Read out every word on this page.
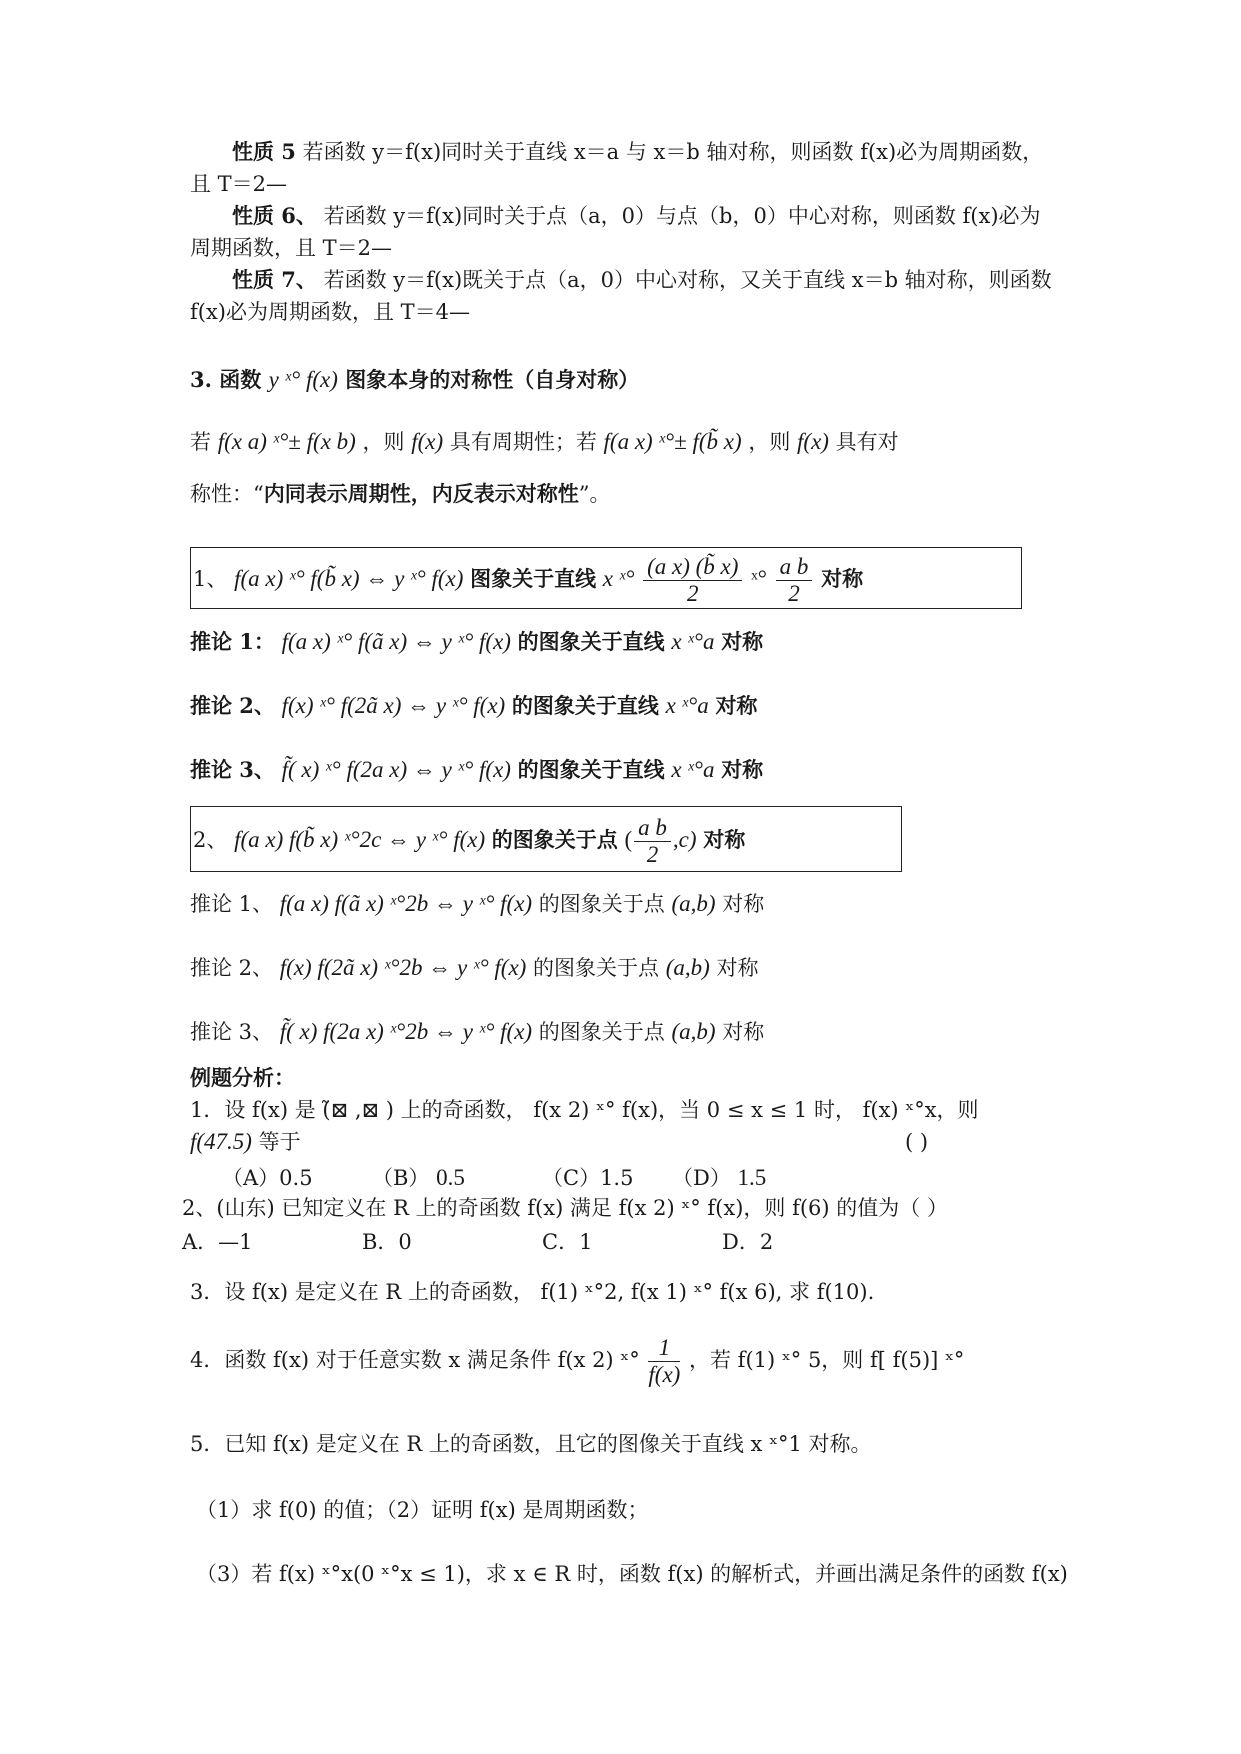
性质 5 若函数 y＝f(x)同时关于直线 x＝a 与 x＝b 轴对称，则函数 f(x)必为周期函数，
且 T＝2—
性质 6、 若函数 y＝f(x)同时关于点（a，0）与点（b，0）中心对称，则函数 f(x)必为
周期函数，且 T＝2—
性质 7、 若函数 y＝f(x)既关于点（a，0）中心对称，又关于直线 x＝b 轴对称，则函数
f(x)必为周期函数，且 T＝4—
3. 函数 y ˣ° f(x) 图象本身的对称性（自身对称）
若 f(x a) ˣ°± f(x b) ，则 f(x) 具有周期性；若 f(a x) ˣ°± f(b̃ x) ，则 f(x) 具有对
称性：“内同表示周期性，内反表示对称性”。
1、 f(a x) ˣ° f(b̃ x) ⇔ y ˣ° f(x) 图象关于直线 x ˣ° $\frac{\text{(a x) (b̃ x)}}{2}$ ˣ° $\frac{\text{a b}}{2}$ 对称
推论 1： f(a x) ˣ° f(ã x) ⇔ y ˣ° f(x) 的图象关于直线 x ˣ°a 对称
推论 2、 f(x) ˣ° f(2ã x) ⇔ y ˣ° f(x) 的图象关于直线 x ˣ°a 对称
推论 3、 f̃( x) ˣ° f(2a x) ⇔ y ˣ° f(x) 的图象关于直线 x ˣ°a 对称
2、 f(a x) f(b̃ x) ˣ°2c ⇔ y ˣ° f(x) 的图象关于点 ( $\frac{\text{a b}}{2} ,c$) 对称
推论 1、 f(a x) f(ã x) ˣ°2b ⇔ y ˣ° f(x) 的图象关于点 (a,b) 对称
推论 2、 f(x) f(2ã x) ˣ°2b ⇔ y ˣ° f(x) 的图象关于点 (a,b) 对称
推论 3、 f̃( x) f(2a x) ˣ°2b ⇔ y ˣ° f(x) 的图象关于点 (a,b) 对称
例题分析：
1．设 f(x) 是 (̃⊠ ,⊠ ) 上的奇函数， f(x 2) ˣ° f(x)，当 0 ≤ x ≤ 1 时， f(x) ˣ°x，则
f(47.5) 等于	( )
（A）0.5	（B） 0.5	（C）1.5 （D） 1.5
2、(山东) 已知定义在 R 上的奇函数 f(x) 满足 f(x 2) ˣ° f(x)，则 f(6) 的值为（ ）
A．—1	B．0	C．1	D．2
3．设 f(x) 是定义在 R 上的奇函数， f(1) ˣ°2, f(x 1) ˣ° f(x 6), 求 f(10).
4．函数 f(x) 对于任意实数 x 满足条件 f(x 2) ˣ° $\frac{1}{f(x)}$ ，若 f(1) ˣ° 5，则 f[ f(5)] ˣ°
5．已知 f(x) 是定义在 R 上的奇函数，且它的图像关于直线 x ˣ°1 对称。
（1）求 f(0) 的值；（2）证明 f(x) 是周期函数；
（3）若 f(x) ˣ°x(0 ˣ°x ≤ 1)，求 x ∈ R 时，函数 f(x) 的解析式，并画出满足条件的函数 f(x)
